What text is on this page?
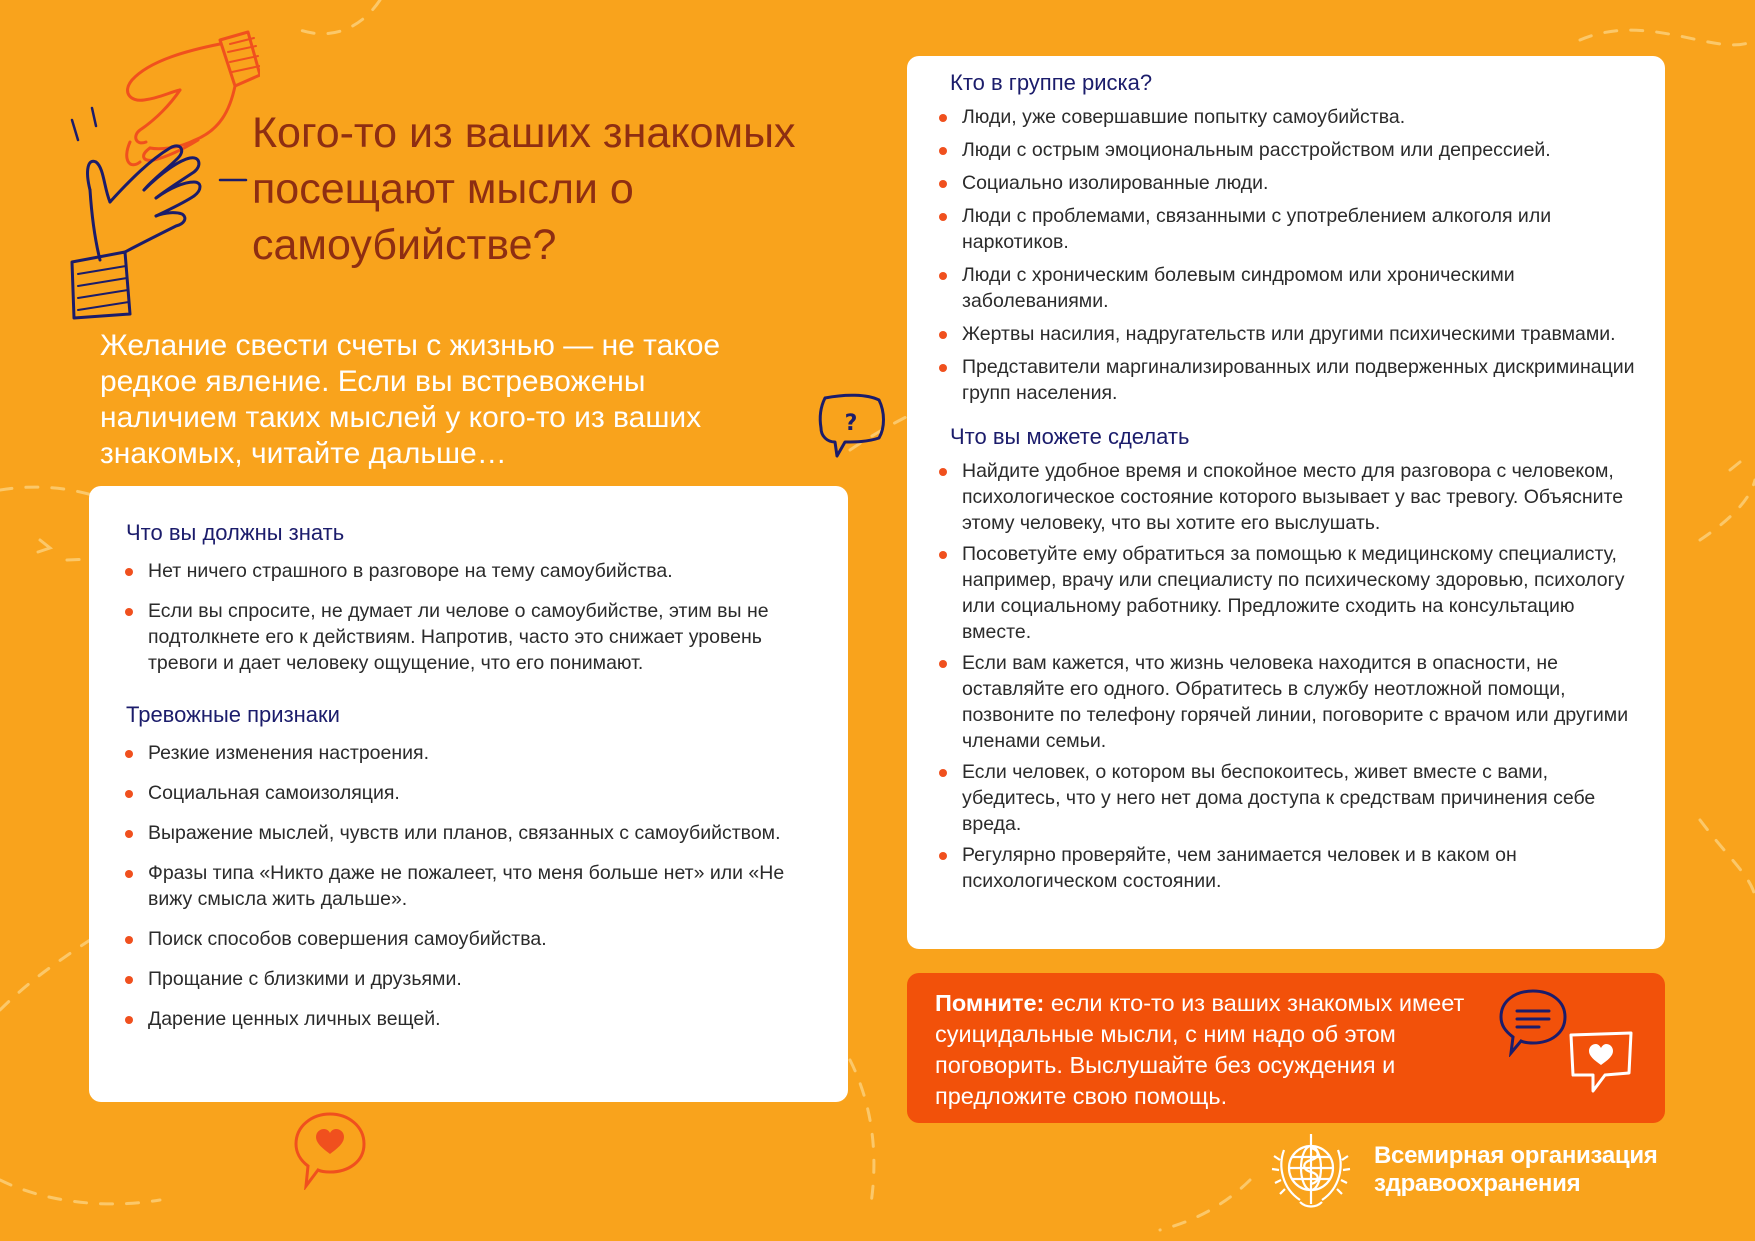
Кого-то из ваших знакомых посещают мысли о самоубийстве?

Желание свести счеты с жизнью — не такое редкое явление. Если вы встревожены наличием таких мыслей у кого-то из ваших знакомых, читайте дальше…

?
Что вы должны знать
Нет ничего страшного в разговоре на тему самоубийства.
Если вы спросите, не думает ли челове о самоубийстве, этим вы не подтолкнете его к действиям. Напротив, часто это снижает уровень тревоги и дает человеку ощущение, что его понимают.
Тревожные признаки
Резкие изменения настроения.
Социальная самоизоляция.
Выражение мыслей, чувств или планов, связанных с самоубийством.
Фразы типа «Никто даже не пожалеет, что меня больше нет» или «Не вижу смысла жить дальше».
Поиск способов совершения самоубийства.
Прощание с близкими и друзьями.
Дарение ценных личных вещей.
Кто в группе риска?
Люди, уже совершавшие попытку самоубийства.
Люди с острым эмоциональным расстройством или депрессией.
Социально изолированные люди.
Люди с проблемами, связанными с употреблением алкоголя или наркотиков.
Люди с хроническим болевым синдромом или хроническими заболеваниями.
Жертвы насилия, надругательств или другими психическими травмами.
Представители маргинализированных или подверженных дискриминации групп населения.
Что вы можете сделать
Найдите удобное время и спокойное место для разговора с человеком, психологическое состояние которого вызывает у вас тревогу. Объясните этому человеку, что вы хотите его выслушать.
Посоветуйте ему обратиться за помощью к медицинскому специалисту, например, врачу или специалисту по психическому здоровью, психологу или социальному работнику. Предложите сходить на консультацию вместе.
Если вам кажется, что жизнь человека находится в опасности, не оставляйте его одного. Обратитесь в службу неотложной помощи, позвоните по телефону горячей линии, поговорите с врачом или другими членами семьи.
Если человек, о котором вы беспокоитесь, живет вместе с вами, убедитесь, что у него нет дома доступа к средствам причинения себе вреда.
Регулярно проверяйте, чем занимается человек и в каком он психологическом состоянии.

Помните: если кто-то из ваших знакомых имеет суицидальные мысли, с ним надо об этом поговорить. Выслушайте без осуждения и предложите свою помощь.

Всемирная организация здравоохранения
